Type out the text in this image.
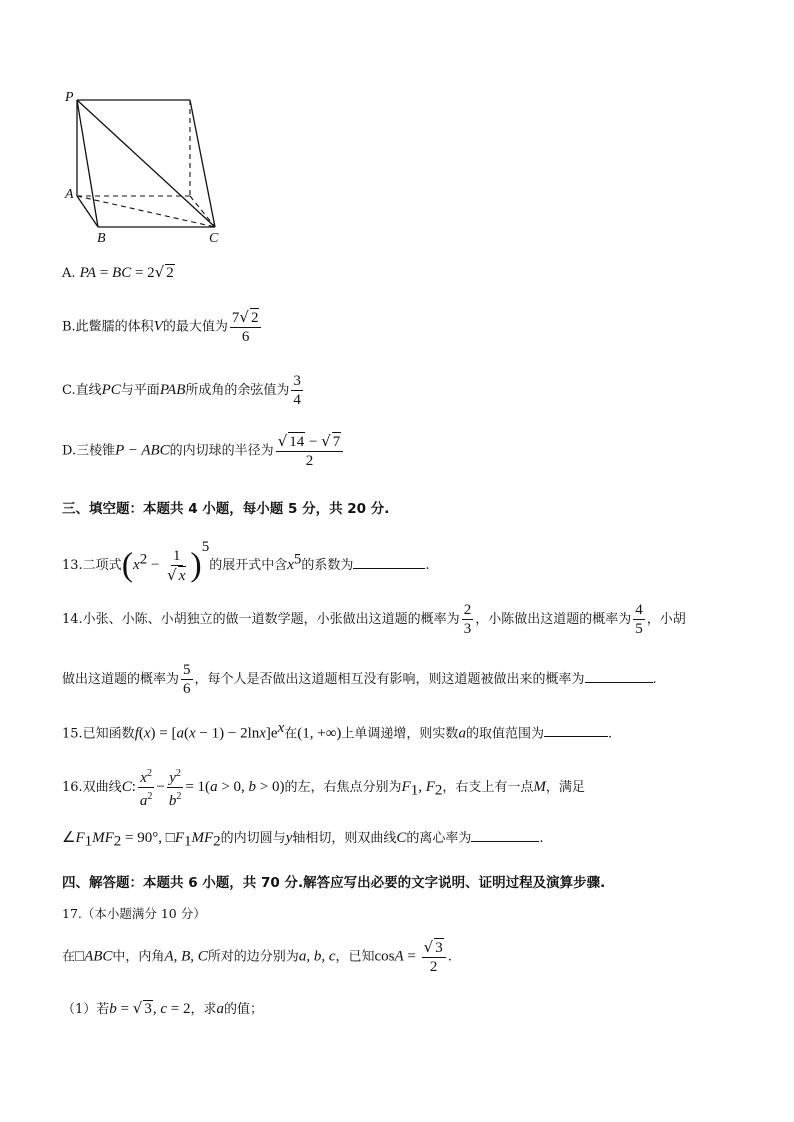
P
A
B	C
A. PA = BC = 2√ 2
B.此鳖臑的体积V的最大值为 $\frac{7√ 2}{6}$
C.直线PC与平面PAB所成角的余弦值为 $\frac{3}{4}$
D.三棱锥P − ABC的内切球的半径为 $\frac{√ 14 - √ 7}{2}$
三、填空题：本题共 4 小题，每小题 5 分，共 20 分.
13.二项式$(x^2 - \frac{1}{√ x} )^5$的展开式中含$x^5$的系数为	.
14.小张、小陈、小胡独立的做一道数学题，小张做出这道题的概率为 $\frac{2}{3}$ ，小陈做出这道题的概率为 $\frac{4}{5}$ ，小胡
做出这道题的概率为 $\frac{5}{6}$ ，每个人是否做出这道题相互没有影响，则这道题被做出来的概率为	.
15.已知函数$f(x) = [a(x - 1) - 2\ln x]e^x$在(1, +∞)上单调递增，则实数a的取值范围为	.
16.双曲线C: $\frac{x^2}{a^2} - \frac{y^2}{b^2} = 1(a > 0$, b > 0)的左，右焦点分别为$F_1$, $F_2$，右支上有一点M，满足
$\angle F_1MF_2 = 90^\circ$, $□F_1MF_2$的内切圆与y轴相切，则双曲线C的离心率为	.
四、解答题：本题共 6 小题，共 70 分.解答应写出必要的文字说明、证明过程及演算步骤.
17.（本小题满分 10 分）
在□ABC中，内角A, B, C所对的边分别为a, b, c，已知$\cos A = \frac{√ 3}{2}$ .
（1）若b = √ 3, c = 2，求a的值；
